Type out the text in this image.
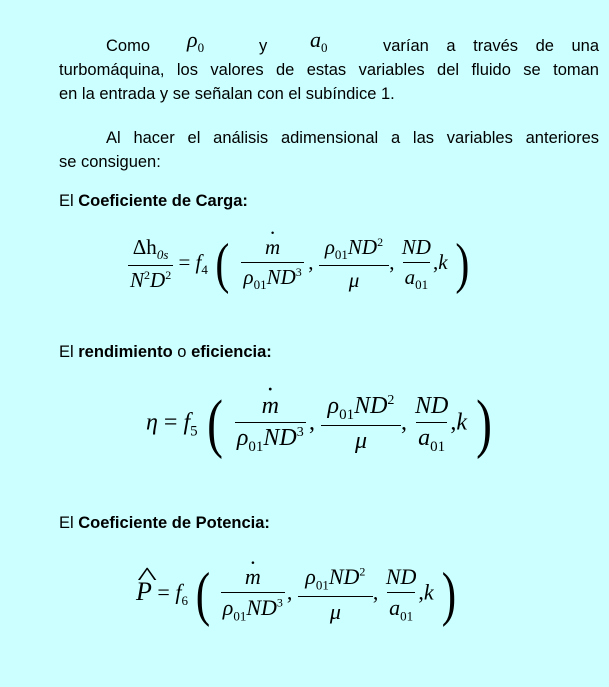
Como $\rho_0$	y $a_0$	varían a través de una
turbomáquina, los valores de estas variables del fluido se toman
en la entrada y se señalan con el subíndice 1.
Al hacer el análisis adimensional a las variables anteriores
se consiguen:
El Coeficiente de Carga:
$\frac{\Delta h_{0s}}{N^2D^2} = f_4$ ( · $\frac{m}{\rho_{01}ND^3}$ , $\frac{\rho_{01}ND^2}{\mu}$ , $\frac{ND}{a_{01}} ,k$ )
El rendimiento o eficiencia:
$\eta = f_5$ ( · $\frac{m}{\rho_{01}ND^3}$ , $\frac{\rho_{01}ND^2}{\mu}$ , $\frac{ND}{a_{01}} ,k$ )
El Coeficiente de Potencia:
^ $P = f_6$ ( · $\frac{m}{\rho_{01}ND^3}$ , $\frac{\rho_{01}ND^2}{\mu}$ , $\frac{ND}{a_{01}} ,k$ )
